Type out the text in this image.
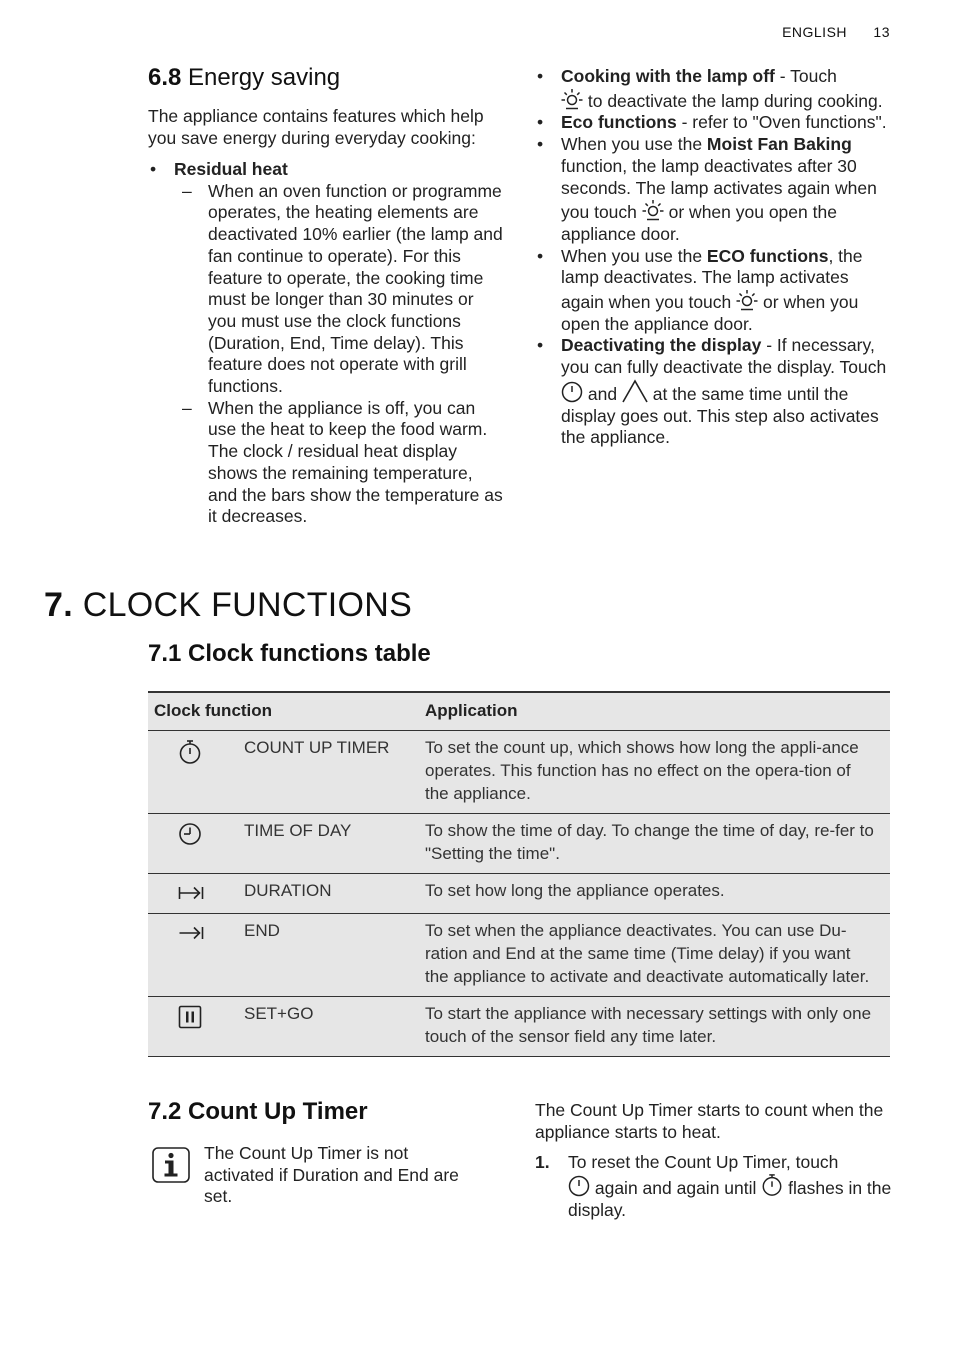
ENGLISH 13
6.8 Energy saving

The appliance contains features which help you save energy during everyday cooking:

• Residual heat
– When an oven function or programme operates, the heating elements are deactivated 10% earlier (the lamp and fan continue to operate). For this feature to operate, the cooking time must be longer than 30 minutes or you must use the clock functions (Duration, End, Time delay). This feature does not operate with grill functions.
– When the appliance is off, you can use the heat to keep the food warm. The clock / residual heat display shows the remaining temperature, and the bars show the temperature as it decreases.
• Cooking with the lamp off - Touch

to deactivate the lamp during cooking.
• Eco functions - refer to "Oven functions".
• When you use the Moist Fan Baking function, the lamp deactivates after 30 seconds. The lamp activates again when you touch
or when you open the appliance door.
• When you use the ECO functions, the lamp deactivates. The lamp activates again when you touch
or when you open the appliance door.
• Deactivating the display - If necessary, you can fully deactivate the display. Touch
and
at the same time until the display goes out. This step also activates the appliance.
7. CLOCK FUNCTIONS
7.1 Clock functions table
Clock function		Application

	COUNT UP TIMER	To set the count up, which shows how long the appli-ance operates. This function has no effect on the opera-tion of the appliance.

	TIME OF DAY	To show the time of day. To change the time of day, re-fer to "Setting the time".

	DURATION	To set how long the appliance operates.

	END	To set when the appliance deactivates. You can use Du-ration and End at the same time (Time delay) if you want the appliance to activate and deactivate automatically later.

	SET+GO	To start the appliance with necessary settings with only one touch of the sensor field any time later.
7.2 Count Up Timer

The Count Up Timer is not activated if Duration and End are set.

The Count Up Timer starts to count when the appliance starts to heat.

1. To reset the Count Up Timer, touch

again and again until
flashes in the display.
